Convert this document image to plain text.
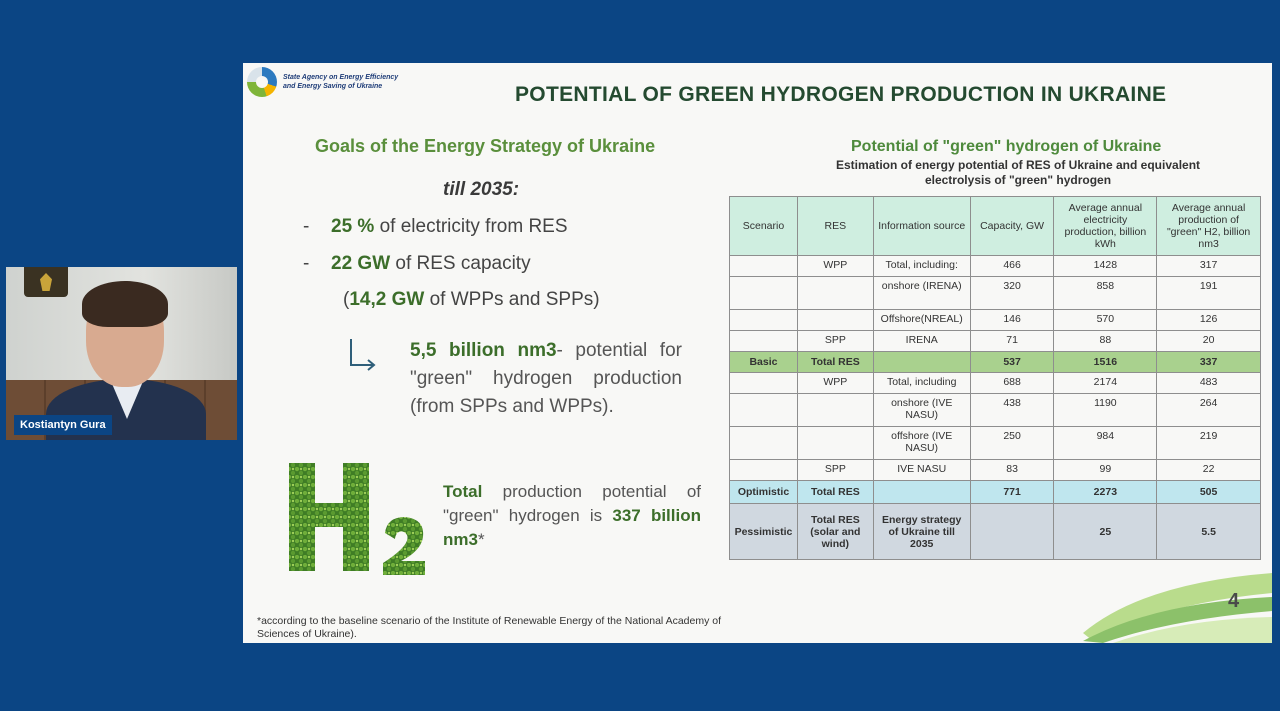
Kostiantyn Gura
State Agency on Energy Efficiency
and Energy Saving of Ukraine	POTENTIAL OF GREEN HYDROGEN PRODUCTION IN UKRAINE
Goals of the Energy Strategy of Ukraine
till 2035:
- 25 % of electricity from RES
- 22 GW of RES capacity
(14,2 GW of WPPs and SPPs)
5,5 billion nm3- potential for "green" hydrogen production (from SPPs and WPPs).
Total production potential of "green" hydrogen is 337 billion nm3*
*according to the baseline scenario of the Institute of Renewable Energy of the National Academy of Sciences of Ukraine).
Potential of "green" hydrogen of Ukraine
Estimation of energy potential of RES of Ukraine and equivalent electrolysis of "green" hydrogen
Scenario	RES	Information source	Capacity, GW	Average annual electricity production, billion kWh	Average annual production of "green" H2, billion nm3
	WPP	Total, including:	466	1428	317
		onshore (IRENA)	320	858	191
		Offshore(NREAL)	146	570	126
	SPP	IRENA	71	88	20
Basic	Total RES		537	1516	337
	WPP	Total, including	688	2174	483
		onshore (IVE NASU)	438	1190	264
		offshore (IVE NASU)	250	984	219
	SPP	IVE NASU	83	99	22
Optimistic	Total RES		771	2273	505
Pessimistic	Total RES (solar and wind)	Energy strategy of Ukraine till 2035		25	5.5
4
